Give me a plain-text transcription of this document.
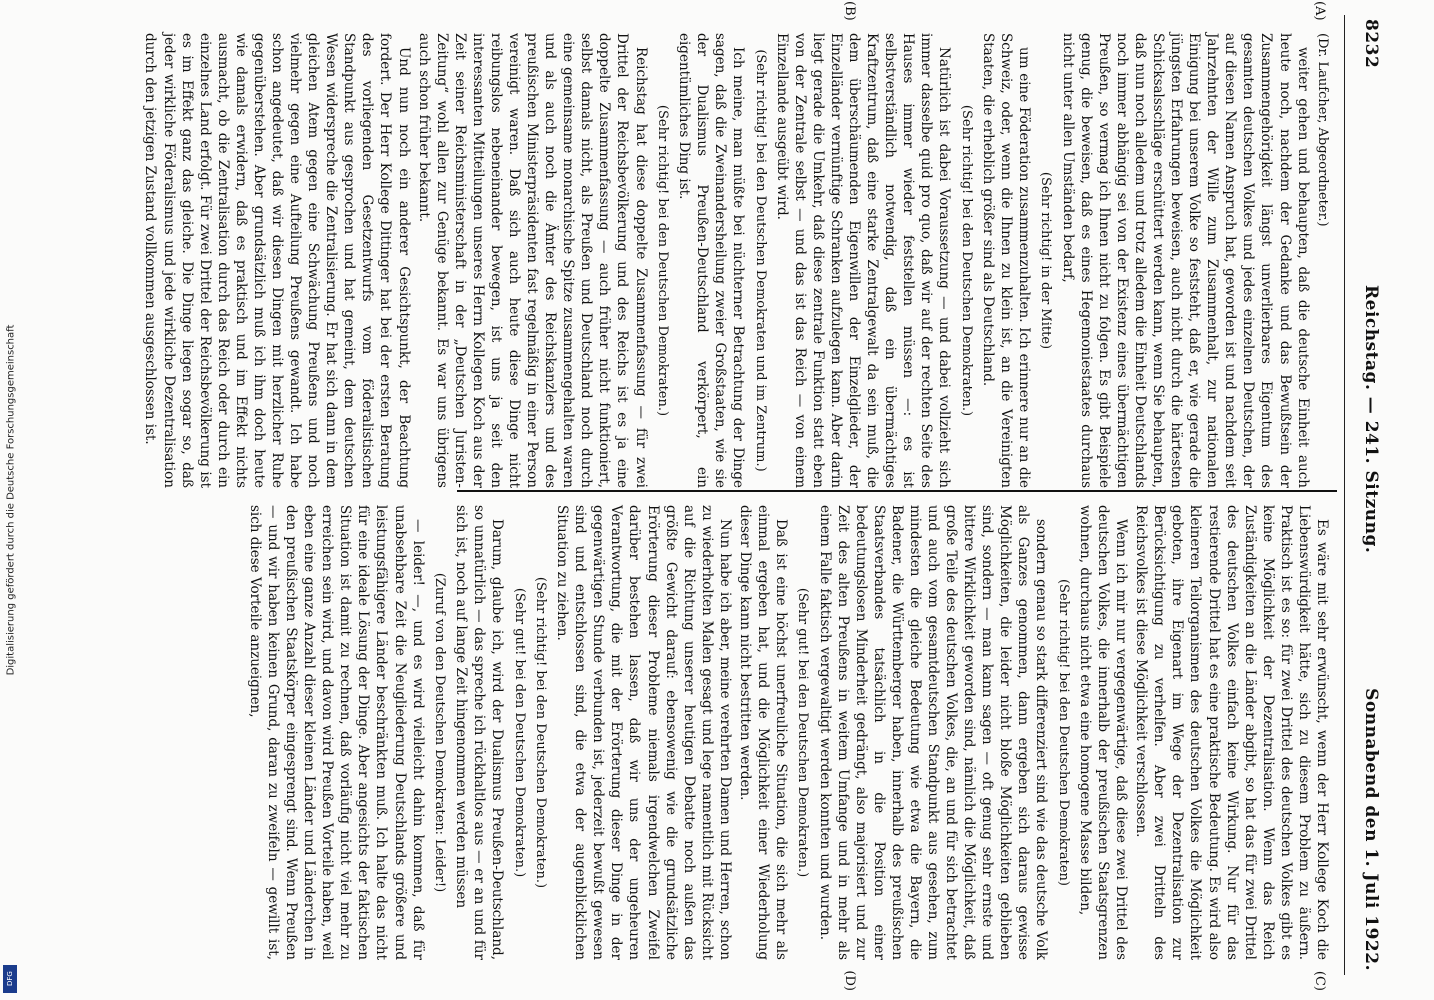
8232
Reichstag. — 241. Sitzung.
Sonnabend den 1. Juli 1922.
(A)
(B)
(C)
(D)
(Dr. Laufcher, Abgeordneter.)

weiter gehen und behaupten, daß die deutsche Einheit auch heute noch, nachdem der Gedanke und das Bewußtsein der Zusammengehörigkeit längst unverlierbares Eigentum des gesamten deutschen Volkes und jedes einzelnen Deutschen, der auf diesen Namen Anspruch hat, geworden ist und nachdem seit Jahrzehnten der Wille zum Zusammenhalt, zur nationalen Einigung bei unserem Volke so feststeht, daß er, wie gerade die jüngsten Erfahrungen beweisen, auch nicht durch die härtesten Schicksalsschläge erschüttert werden kann, wenn Sie behaupten, daß nun noch alledem und trotz alledem die Einheit Deutschlands noch immer abhängig sei von der Existenz eines übermächtigen Preußen, so vermag ich Ihnen nicht zu folgen. Es gibt Beispiele genug, die beweisen, daß es eines Hegemoniestaates durchaus nicht unter allen Umständen bedarf,

(Sehr richtig! in der Mitte)

um eine Föderation zusammenzuhalten. Ich erinnere nur an die Schweiz, oder, wenn die Ihnen zu klein ist, an die Vereinigten Staaten, die erheblich größer sind als Deutschland.

(Sehr richtig! bei den Deutschen Demokraten.)

Natürlich ist dabei Voraussetzung — und dabei vollzieht sich immer dasselbe quid pro quo, daß wir auf der rechten Seite des Hauses immer wieder feststellen müssen —: es ist selbstverständlich notwendig, daß ein übermächtiges Kraftzentrum, daß eine starke Zentralgewalt da sein muß, die dem überschäumenden Eigenwillen der Einzelglieder, der Einzelländer vernünftige Schranken aufzulegen kann. Aber darin liegt gerade die Umkehr, daß diese zentrale Funktion statt eben von der Zentrale selbst — und das ist das Reich — von einem Einzellande ausgeübt wird.

(Sehr richtig! bei den Deutschen Demokraten und im Zentrum.)

Ich meine, man müßte bei nüchterner Betrachtung der Dinge sagen, daß die Zweinandersheilung zweier Großstaaten, wie sie der Dualismus Preußen-Deutschland verkörpert, ein eigentümliches Ding ist.

(Sehr richtig! bei den Deutschen Demokraten.)

Reichstag hat diese doppelte Zusammenfassung — für zwei Drittel der Reichsbevölkerung und des Reichs ist es ja eine doppelte Zusammenfassung — auch früher nicht funktioniert, selbst damals nicht, als Preußen und Deutschland noch durch eine gemeinsame monarchische Spitze zusammengehalten waren und als auch noch die Ämter des Reichskanzlers und des preußischen Ministerpräsidenten fast regelmäßig in einer Person vereinigt waren. Daß sich auch heute diese Dinge nicht reibungslos nebeneinander bewegen, ist uns ja seit den interessanten Mitteilungen unseres Herrn Kollegen Koch aus der Zeit seiner Reichsministerschaft in der „Deutschen Juristen-Zeitung“ wohl allen zur Genüge bekannt. Es war uns übrigens auch schon früher bekannt.

Und nun noch ein anderer Gesichtspunkt, der Beachtung fordert. Der Herr Kollege Dittinger hat bei der ersten Beratung des vorliegenden Gesetzentwurfs vom föderalistischen Standpunkt aus gesprochen und hat gemeint, dem deutschen Wesen widerspreche die Zentralisierung. Er hat sich dann in dem gleichen Atem gegen eine Schwächung Preußens und noch vielmehr gegen eine Aufteilung Preußens gewandt. Ich habe schon angedeutet, daß wir diesen Dingen mit herzlicher Ruhe gegenüberstehen. Aber grundsätzlich muß ich ihm doch heute wie damals erwidern, daß es praktisch und im Effekt nichts ausmacht, ob die Zentralisation durch das Reich oder durch ein einzelnes Land erfolgt. Für zwei Drittel der Reichsbevölkerung ist es im Effekt ganz das gleiche. Die Dinge liegen sogar so, daß jeder wirkliche Föderalismus und jede wirkliche Dezentralisation durch den jetzigen Zustand vollkommen ausgeschlossen ist.

Es wäre mit sehr erwünscht, wenn der Herr Kollege Koch die Liebenswürdigkeit hätte, sich zu diesem Problem zu äußern. Praktisch ist es so: für zwei Drittel des deutschen Volkes gibt es keine Möglichkeit der Dezentralisation. Wenn das Reich Zuständigkeiten an die Länder abgibt, so hat das für zwei Drittel des deutschen Volkes einfach keine Wirkung. Nur für das restierende Drittel hat es eine praktische Bedeutung. Es wird also kleineren Teilorganismen des deutschen Volkes die Möglichkeit geboten, ihre Eigenart im Wege der Dezentralisation zur Berücksichtigung zu verhelfen. Aber zwei Dritteln des Reichsvolkes ist diese Möglichkeit verschlossen.

Wenn ich mir nur vergegenwärtige, daß diese zwei Drittel des deutschen Volkes, die innerhalb der preußischen Staatsgrenzen wohnen, durchaus nicht etwa eine homogene Masse bilden,

(Sehr richtig! bei den Deutschen Demokraten)

sondern genau so stark differenziert sind wie das deutsche Volk als Ganzes genommen, dann ergeben sich daraus gewisse Möglichkeiten, die leider nicht bloße Möglichkeiten geblieben sind, sondern — man kann sagen — oft genug sehr ernste und bittere Wirklichkeit geworden sind, nämlich die Möglichkeit, daß große Teile des deutschen Volkes, die, an und für sich betrachtet und auch vom gesamtdeutschen Standpunkt aus gesehen, zum mindesten die gleiche Bedeutung wie etwa die Bayern, die Badener, die Württemberger haben, innerhalb des preußischen Staatsverbandes tatsächlich in die Position einer bedeutungslosen Minderheit gedrängt, also majorisiert und zur Zeit des alten Preußens in weitem Umfange und in mehr als einem Falle faktisch vergewaltigt werden konnten und wurden.

(Sehr gut! bei den Deutschen Demokraten.)

Daß ist eine höchst unerfreuliche Situation, die sich mehr als einmal ergeben hat, und die Möglichkeit einer Wiederholung dieser Dinge kann nicht bestritten werden.

Nun habe ich aber, meine verehrten Damen und Herren, schon zu wiederholten Malen gesagt und lege namentlich mit Rücksicht auf die Richtung unserer heutigen Debatte noch außen das größte Gewicht darauf: ebensowenig wie die grundsätzliche Erörterung dieser Probleme niemals irgendwelchen Zweifel darüber bestehen lassen, daß wir uns der ungeheuren Verantwortung, die mit der Erörterung dieser Dinge in der gegenwärtigen Stunde verbunden ist, jederzeit bewußt gewesen sind und entschlossen sind, die etwa der augenblicklichen Situation zu ziehen.

(Sehr richtig! bei den Deutschen Demokraten.)
(Sehr gut! bei den Deutschen Demokraten.)

Darum, glaube ich, wird der Dualismus Preußen-Deutschland, so unnatürlich — das spreche ich rückhaltlos aus — er an und für sich ist, noch auf lange Zeit hingenommen werden müssen

(Zuruf von den Deutschen Demokraten: Leider!)

— leider! —, und es wird vielleicht dahin kommen, daß für unabsehbare Zeit die Neugliederung Deutschlands größere und leistungsfähigere Länder beschränkten muß. Ich halte das nicht für eine ideale Lösung der Dinge. Aber angesichts der faktischen Situation ist damit zu rechnen, daß vorläufig nicht viel mehr zu erreichen sein wird, und davon wird Preußen Vorteile haben, weil eben eine ganze Anzahl dieser kleinen Länder und Länderchen in den preußischen Staatskörper eingesprengt sind. Wenn Preußen — und wir haben keinen Grund, daran zu zweifeln — gewillt ist, sich diese Vorteile anzueignen,

Digitalisierung gefördert durch die Deutsche Forschungsgemeinschaft
DFG
